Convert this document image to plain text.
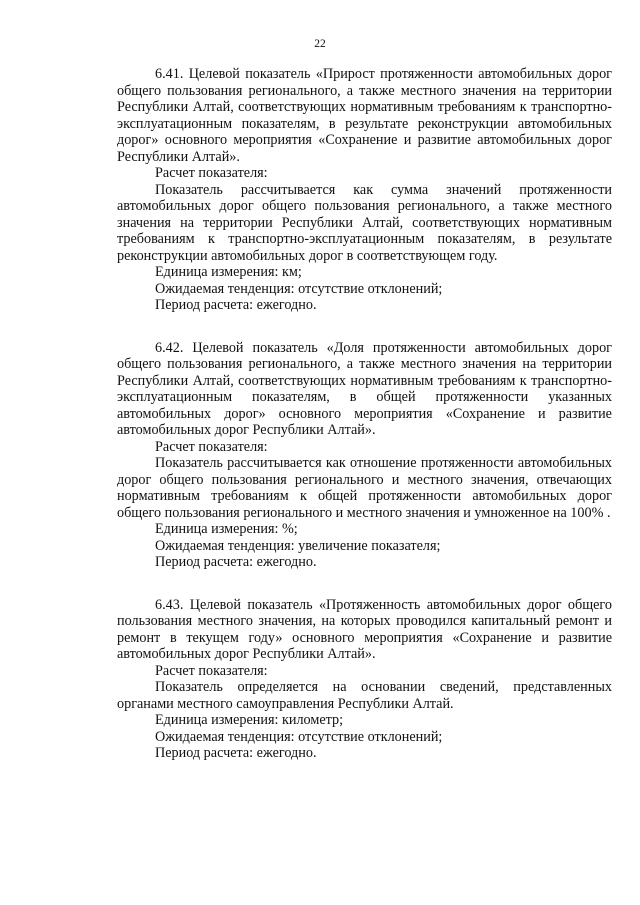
22

6.41. Целевой показатель «Прирост протяженности автомобильных дорог общего пользования регионального, а также местного значения на территории Республики Алтай, соответствующих нормативным требованиям к транспортно-эксплуатационным показателям, в результате реконструкции автомобильных дорог» основного мероприятия «Сохранение и развитие автомобильных дорог Республики Алтай».

Расчет показателя:

Показатель рассчитывается как сумма значений протяженности автомобильных дорог общего пользования регионального, а также местного значения на территории Республики Алтай, соответствующих нормативным требованиям к транспортно-эксплуатационным показателям, в результате реконструкции автомобильных дорог в соответствующем году.

Единица измерения: км;
Ожидаемая тенденция: отсутствие отклонений;
Период расчета: ежегодно.

6.42. Целевой показатель «Доля протяженности автомобильных дорог общего пользования регионального, а также местного значения на территории Республики Алтай, соответствующих нормативным требованиям к транспортно-эксплуатационным показателям, в общей протяженности указанных автомобильных дорог» основного мероприятия «Сохранение и развитие автомобильных дорог Республики Алтай».

Расчет показателя:

Показатель рассчитывается как отношение протяженности автомобильных дорог общего пользования регионального и местного значения, отвечающих нормативным требованиям к общей протяженности автомобильных дорог общего пользования регионального и местного значения и умноженное на 100% .

Единица измерения: %;
Ожидаемая тенденция: увеличение показателя;
Период расчета: ежегодно.

6.43. Целевой показатель «Протяженность автомобильных дорог общего пользования местного значения, на которых проводился капитальный ремонт и ремонт в текущем году» основного мероприятия «Сохранение и развитие автомобильных дорог Республики Алтай».

Расчет показателя:

Показатель определяется на основании сведений, представленных органами местного самоуправления Республики Алтай.

Единица измерения: километр;
Ожидаемая тенденция: отсутствие отклонений;
Период расчета: ежегодно.
